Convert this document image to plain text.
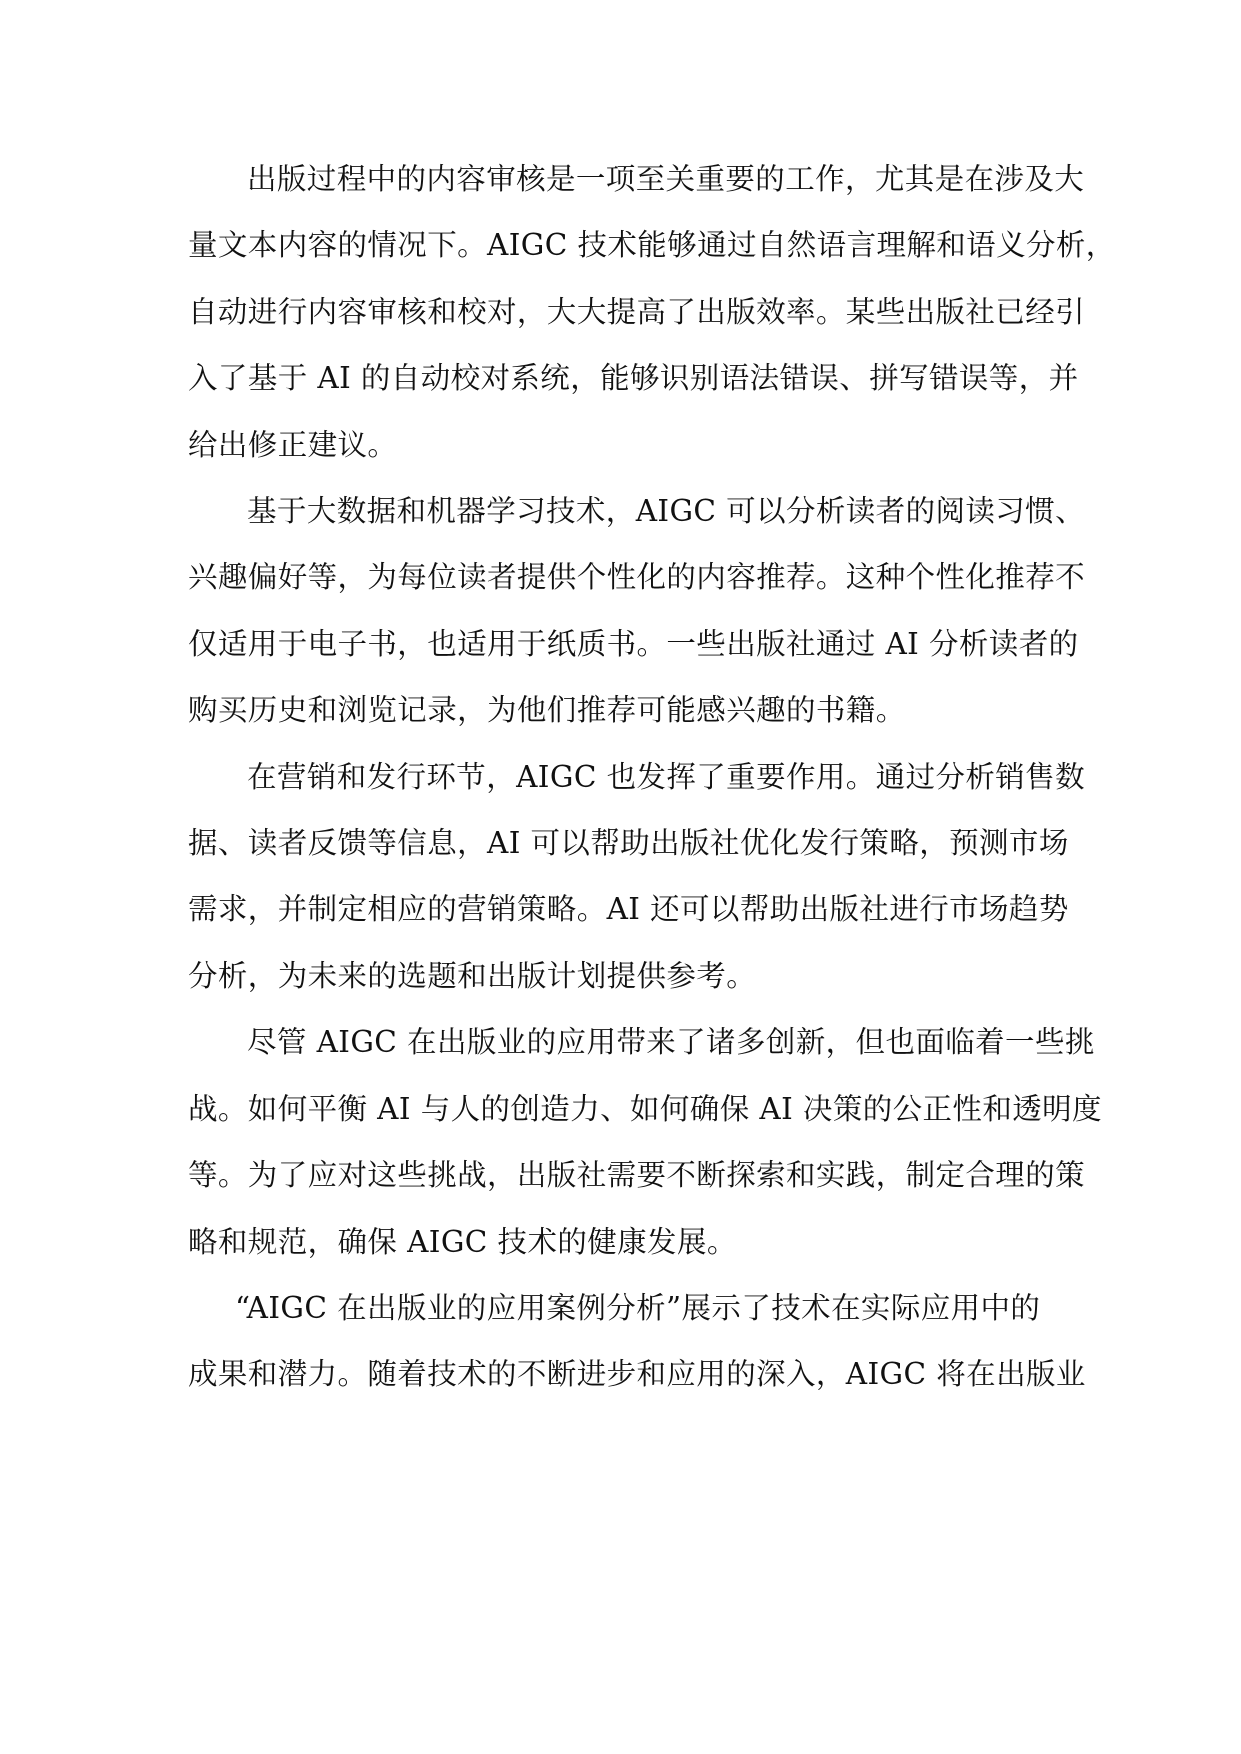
出版过程中的内容审核是一项至关重要的工作，尤其是在涉及大
量文本内容的情况下。AIGC 技术能够通过自然语言理解和语义分析，
自动进行内容审核和校对，大大提高了出版效率。某些出版社已经引
入了基于 AI 的自动校对系统，能够识别语法错误、拼写错误等，并
给出修正建议。

基于大数据和机器学习技术，AIGC 可以分析读者的阅读习惯、
兴趣偏好等，为每位读者提供个性化的内容推荐。这种个性化推荐不
仅适用于电子书，也适用于纸质书。一些出版社通过 AI 分析读者的
购买历史和浏览记录，为他们推荐可能感兴趣的书籍。

在营销和发行环节，AIGC 也发挥了重要作用。通过分析销售数
据、读者反馈等信息，AI 可以帮助出版社优化发行策略，预测市场
需求，并制定相应的营销策略。AI 还可以帮助出版社进行市场趋势
分析，为未来的选题和出版计划提供参考。

尽管 AIGC 在出版业的应用带来了诸多创新，但也面临着一些挑
战。如何平衡 AI 与人的创造力、如何确保 AI 决策的公正性和透明度
等。为了应对这些挑战，出版社需要不断探索和实践，制定合理的策
略和规范，确保 AIGC 技术的健康发展。

“AIGC 在出版业的应用案例分析”展示了技术在实际应用中的
成果和潜力。随着技术的不断进步和应用的深入，AIGC 将在出版业
